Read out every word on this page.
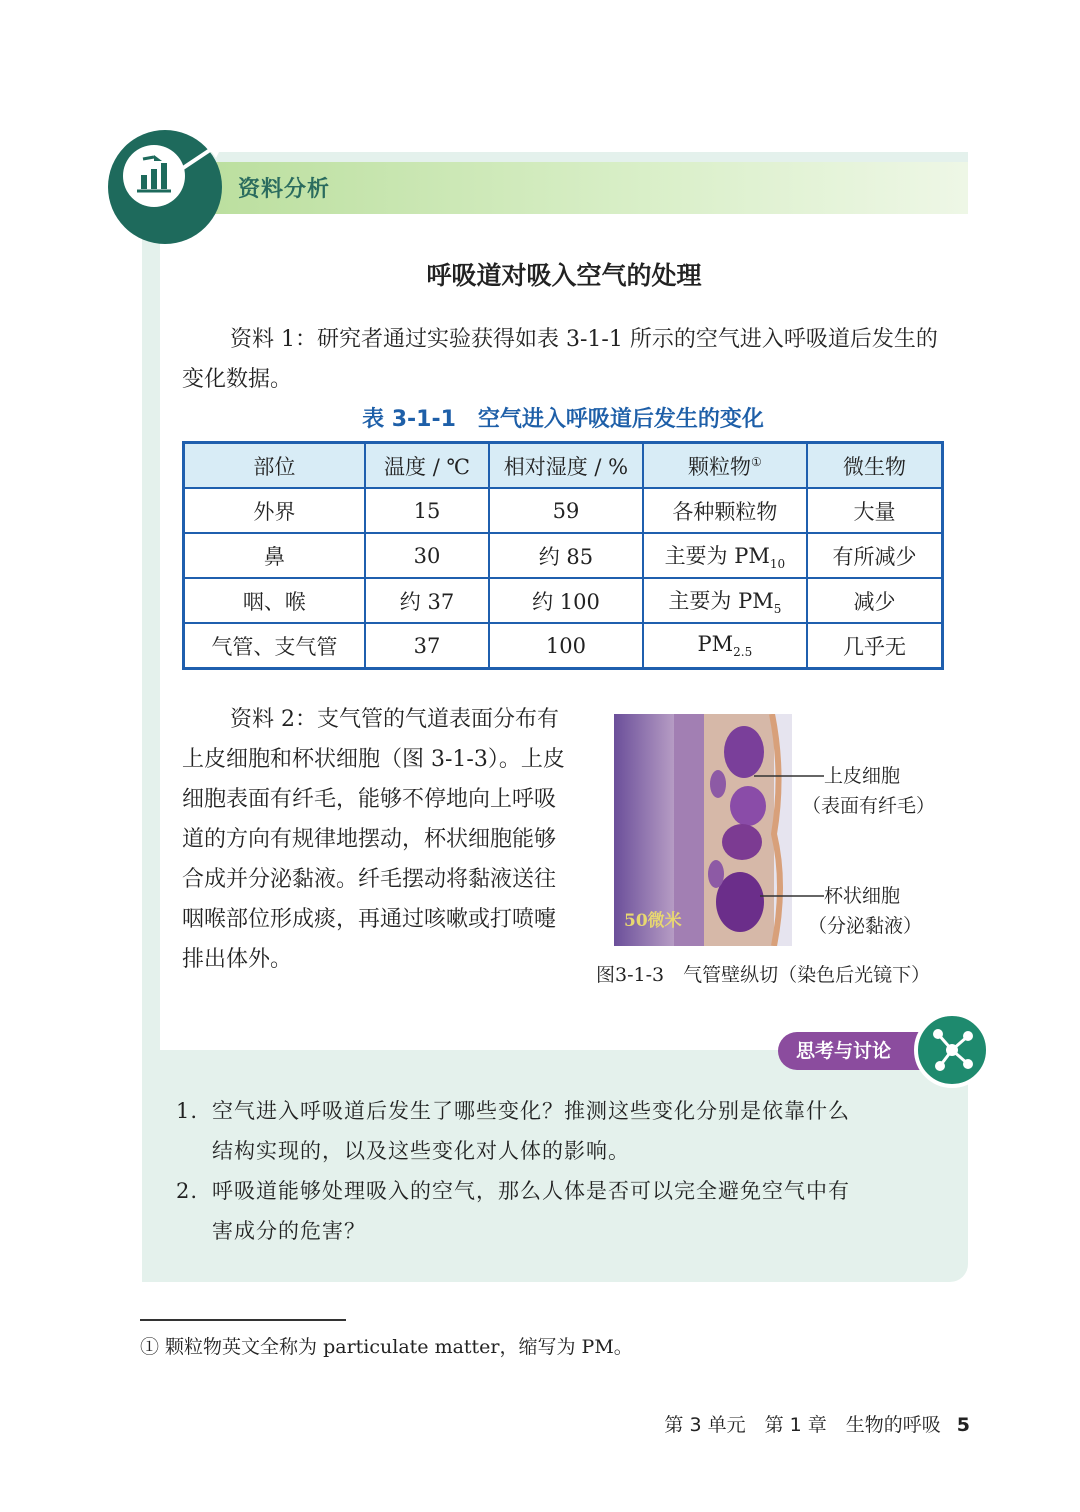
资料分析
呼吸道对吸入空气的处理

资料 1：研究者通过实验获得如表 3-1-1 所示的空气进入呼吸道后发生的变化数据。

表 3-1-1　空气进入呼吸道后发生的变化
部位	温度 / ℃	相对湿度 / %	颗粒物①	微生物
外界	15	59	各种颗粒物	大量
鼻	30	约 85	主要为 $PM_{10}$	有所减少
咽、喉	约 37	约 100	主要为 $PM_5$	减少
气管、支气管	37	100	$PM_{2.5}$	几乎无

资料 2：支气管的气道表面分布有上皮细胞和杯状细胞（图 3-1-3）。上皮细胞表面有纤毛，能够不停地向上呼吸道的方向有规律地摆动，杯状细胞能够合成并分泌黏液。纤毛摆动将黏液送往咽喉部位形成痰，再通过咳嗽或打喷嚏排出体外。

50微米
上皮细胞
（表面有纤毛）
杯状细胞
（分泌黏液）
图3-1-3　气管壁纵切（染色后光镜下）
思考与讨论
1. 空气进入呼吸道后发生了哪些变化？推测这些变化分别是依靠什么
结构实现的，以及这些变化对人体的影响。
2. 呼吸道能够处理吸入的空气，那么人体是否可以完全避免空气中有
害成分的危害？
① 颗粒物英文全称为 particulate matter，缩写为 PM。
第 3 单元　第 1 章　生物的呼吸 5
